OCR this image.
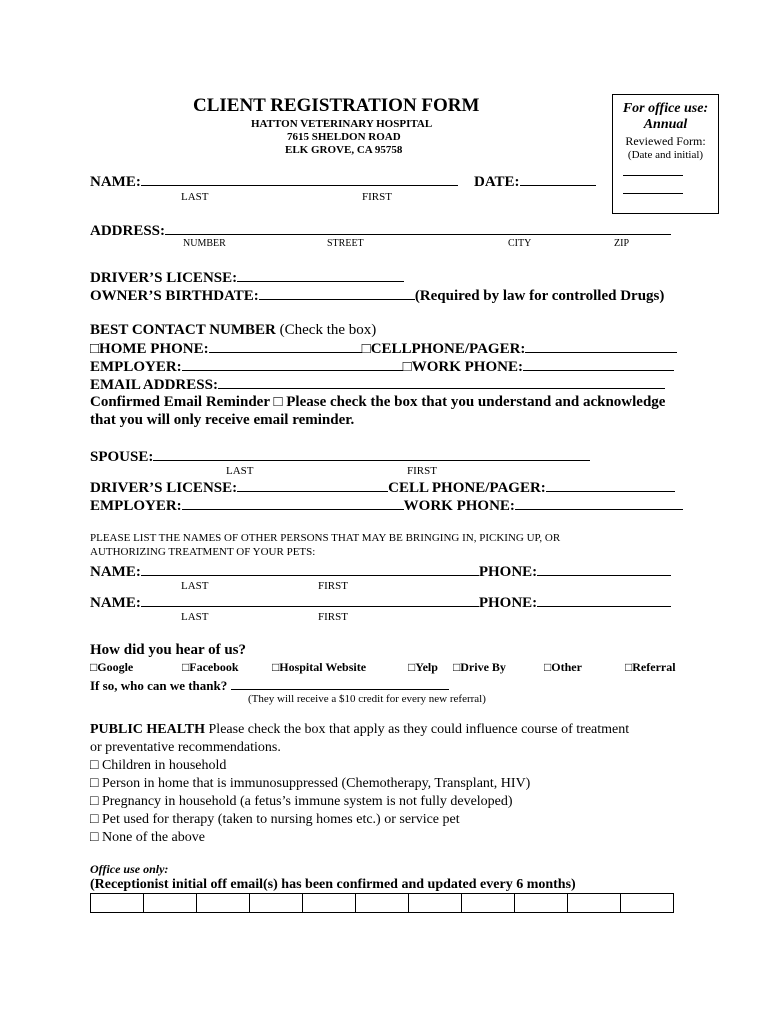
CLIENT REGISTRATION FORM
HATTON VETERINARY HOSPITAL
7615 SHELDON ROAD
ELK GROVE, CA 95758
For office use:
Annual
Reviewed Form:
(Date and initial)
NAME:	DATE:
LAST	FIRST
ADDRESS:
NUMBER	STREET	CITY	ZIP
DRIVER’S LICENSE:
OWNER’S BIRTHDATE:	(Required by law for controlled Drugs)
BEST CONTACT NUMBER (Check the box)
□HOME PHONE:	□CELLPHONE/PAGER:
EMPLOYER:	□WORK PHONE:
EMAIL ADDRESS:
Confirmed Email Reminder □ Please check the box that you understand and acknowledge
that you will only receive email reminder.
SPOUSE:
LAST	FIRST
DRIVER’S LICENSE:	CELL PHONE/PAGER:
EMPLOYER:	WORK PHONE:
PLEASE LIST THE NAMES OF OTHER PERSONS THAT MAY BE BRINGING IN, PICKING UP, OR
AUTHORIZING TREATMENT OF YOUR PETS:
NAME:	PHONE:
LAST	FIRST
NAME:	PHONE:
LAST	FIRST
How did you hear of us?
□Google	□Facebook	□Hospital Website	□Yelp □Drive By	□Other	□Referral
If so, who can we thank?
(They will receive a $10 credit for every new referral)
PUBLIC HEALTH Please check the box that apply as they could influence course of treatment
or preventative recommendations.
□ Children in household
□ Person in home that is immunosuppressed (Chemotherapy, Transplant, HIV)
□ Pregnancy in household (a fetus’s immune system is not fully developed)
□ Pet used for therapy (taken to nursing homes etc.) or service pet
□ None of the above
Office use only:
(Receptionist initial off email(s) has been confirmed and updated every 6 months)
